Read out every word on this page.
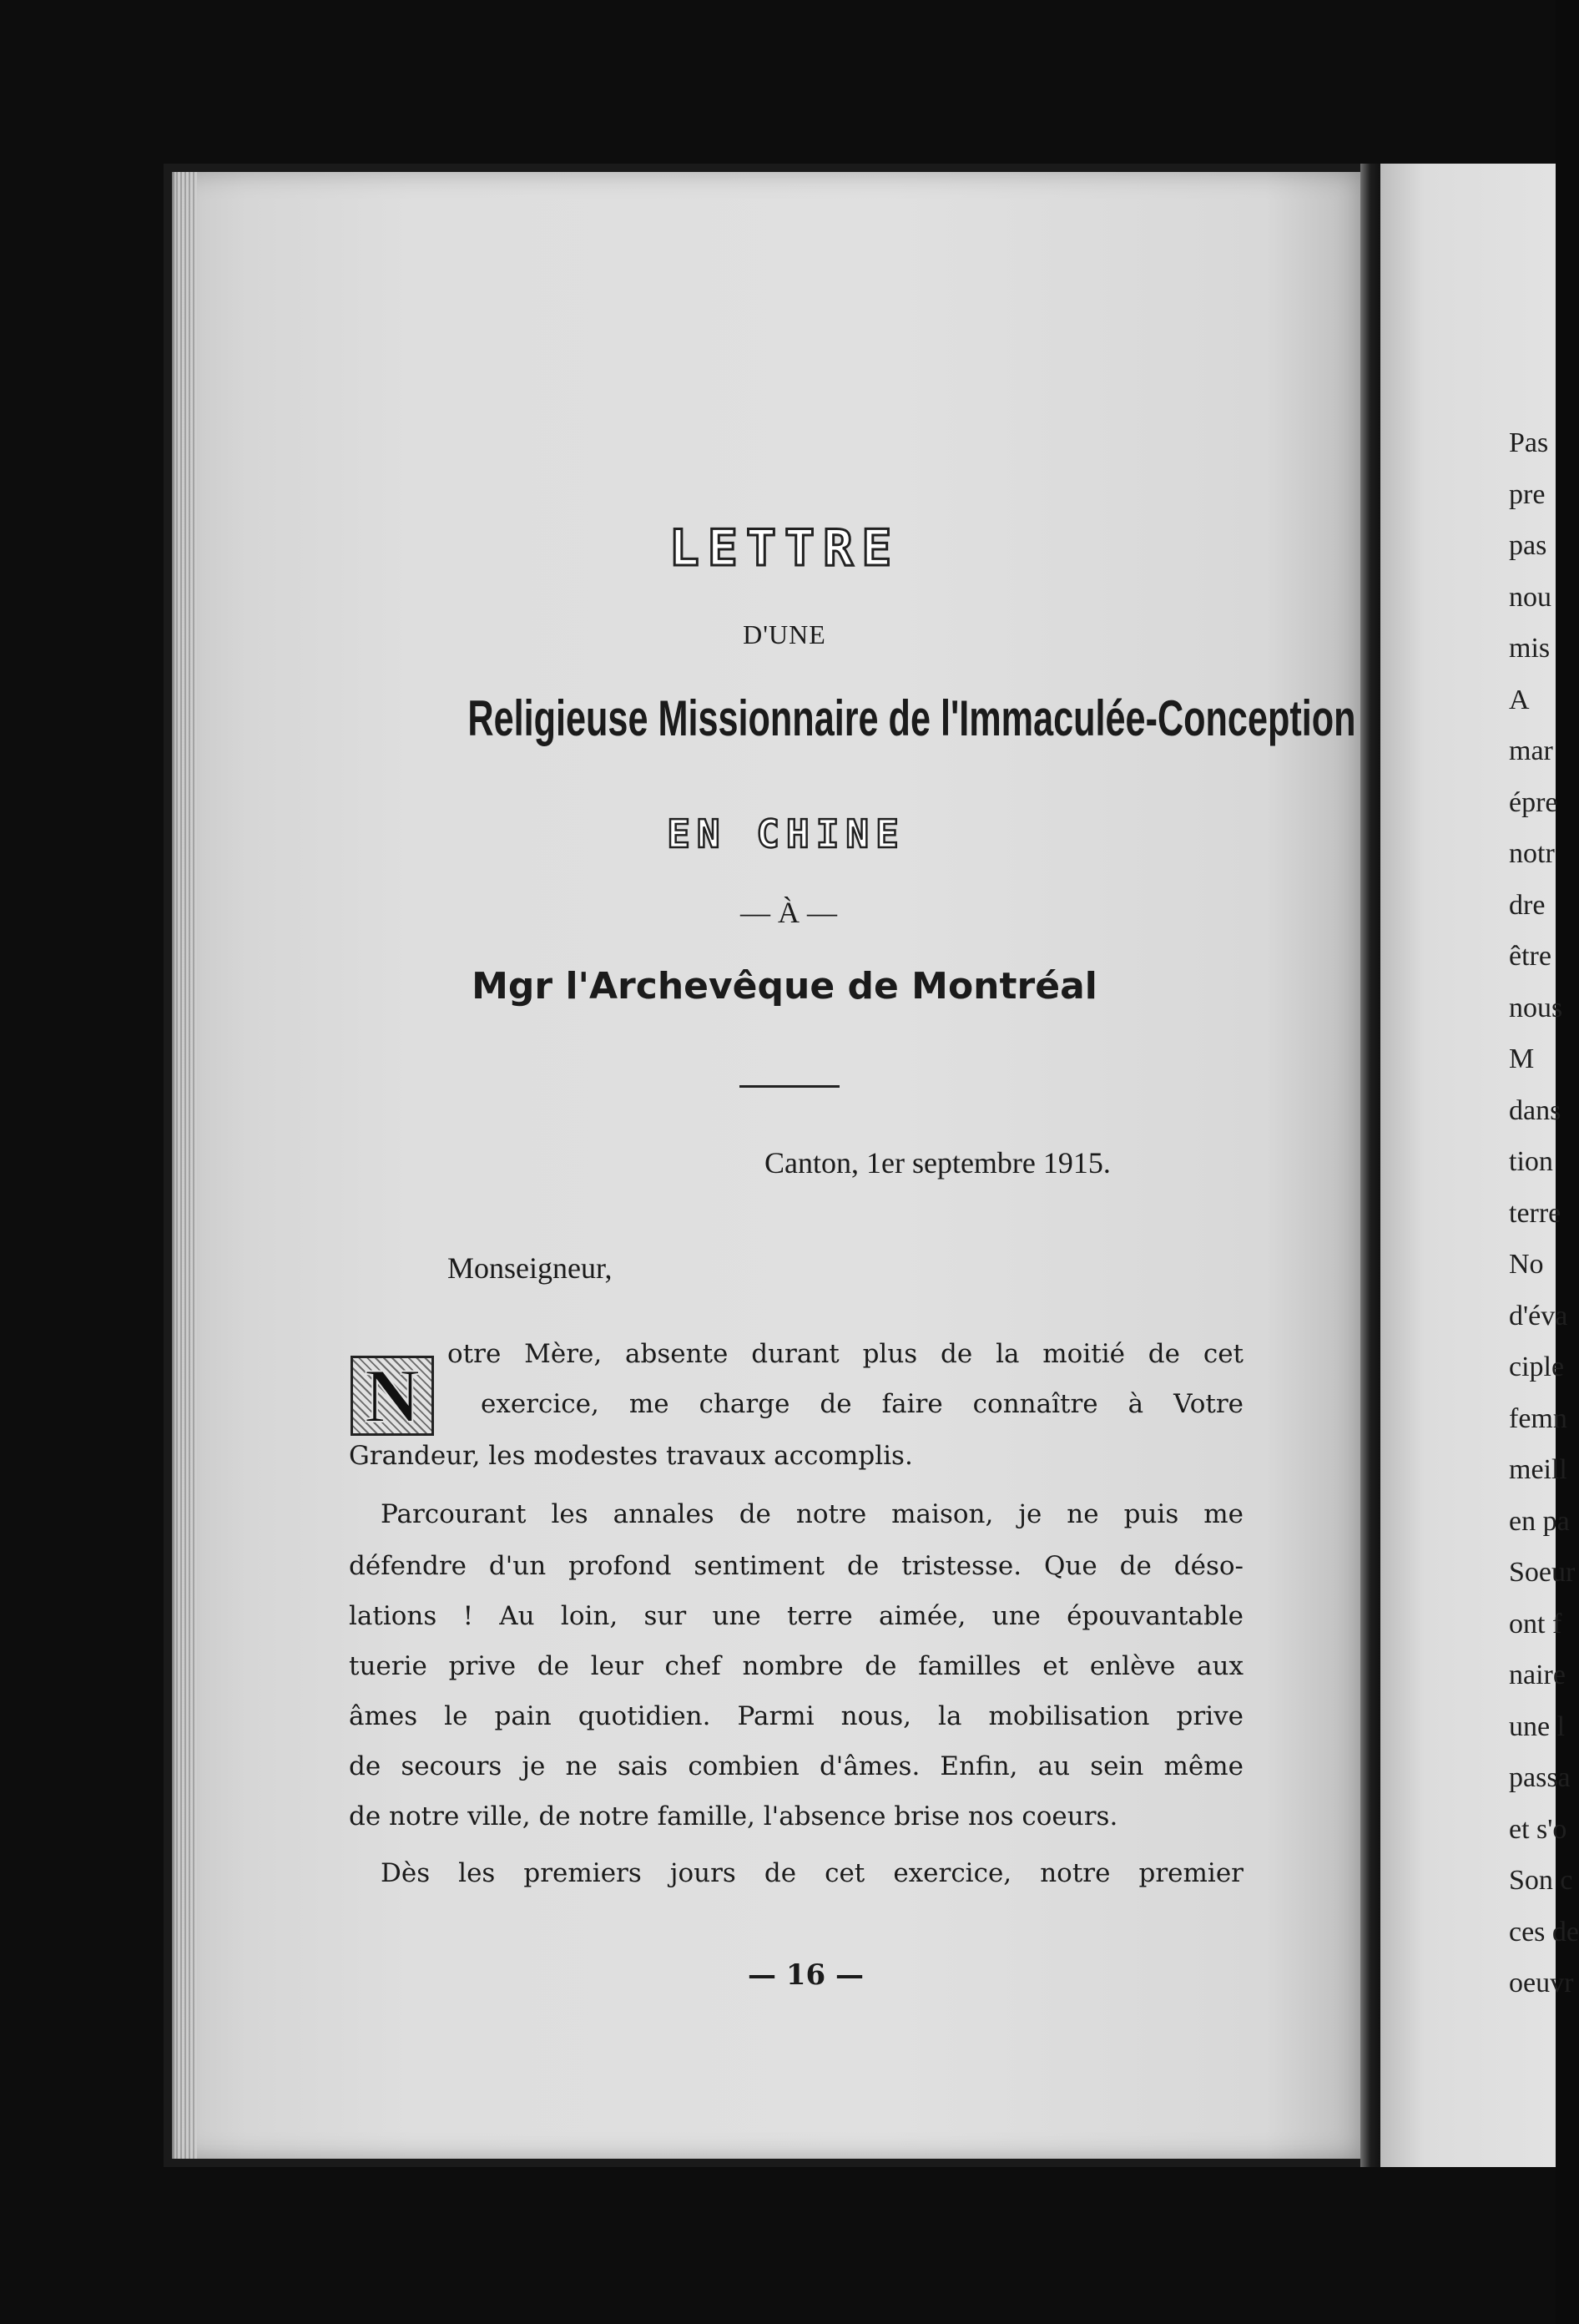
Pas
pre
pas
nou
mis
A
mar
épre
notr
dre
être
nous
M
dans
tion
terre
No
d'éva
ciple
femn
meill
en pa
Soeur
ont f
naire
une l
passa
et s'o
Son c
ces de
oeuvr
LETTRE
D'UNE
Religieuse Missionnaire de l'Immaculée-Conception
EN CHINE
— À —
Mgr l'Archevêque de Montréal
Canton, 1er septembre 1915.
Monseigneur,
N	otre Mère, absente durant plus de la moitié de cet
exercice, me charge de faire connaître à Votre
Grandeur, les modestes travaux accomplis.
Parcourant les annales de notre maison, je ne puis me
défendre d'un profond sentiment de tristesse. Que de déso-
lations ! Au loin, sur une terre aimée, une épouvantable
tuerie prive de leur chef nombre de familles et enlève aux
âmes le pain quotidien. Parmi nous, la mobilisation prive
de secours je ne sais combien d'âmes. Enfin, au sein même
de notre ville, de notre famille, l'absence brise nos coeurs.
Dès les premiers jours de cet exercice, notre premier
— 16 —
